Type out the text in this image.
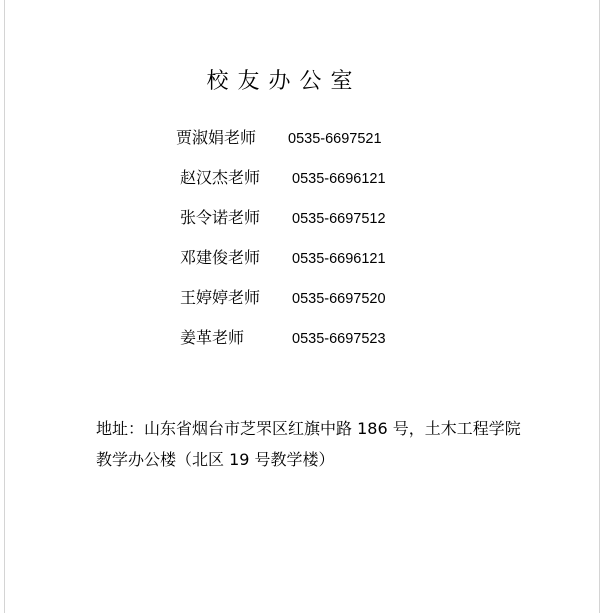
校友办公室
贾淑娟老师 0535-6697521
赵汉杰老师 0535-6696121
张令诺老师 0535-6697512
邓建俊老师 0535-6696121
王婷婷老师 0535-6697520
姜革老师	0535-6697523
地址：山东省烟台市芝罘区红旗中路 186 号，土木工程学院
教学办公楼（北区 19 号教学楼）
